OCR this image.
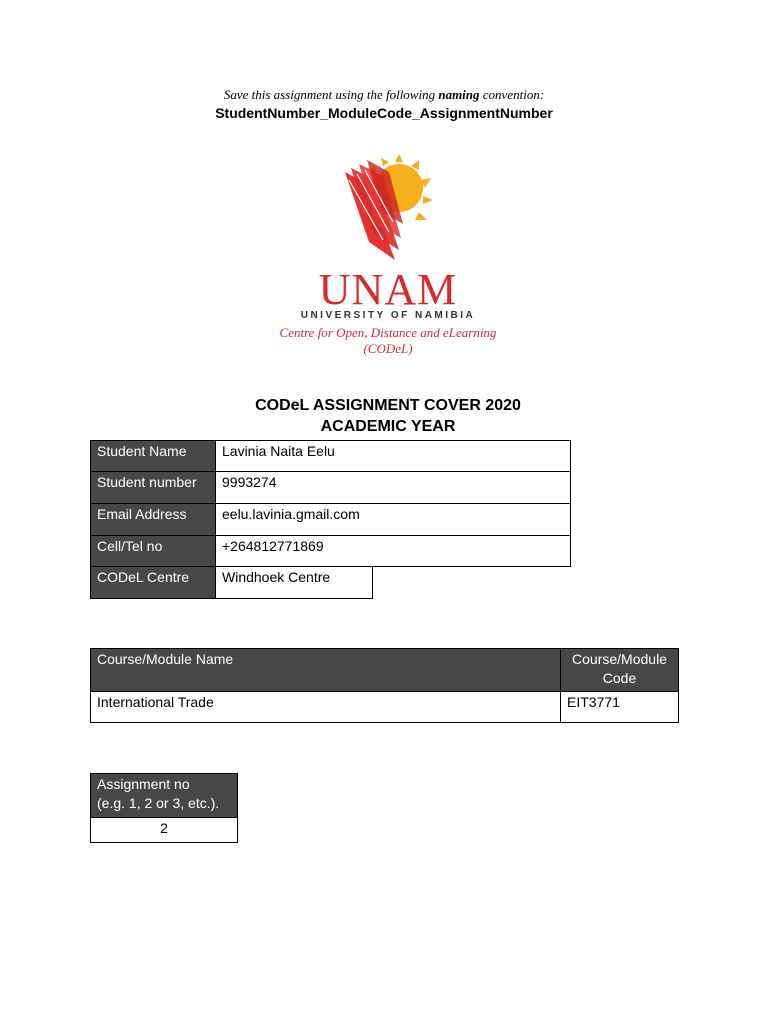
Save this assignment using the following naming convention:
StudentNumber_ModuleCode_AssignmentNumber
UNAM
UNIVERSITY OF NAMIBIA
Centre for Open, Distance and eLearning
(CODeL)
CODeL ASSIGNMENT COVER 2020
ACADEMIC YEAR
Student Name	Lavinia Naita Eelu
Student number	9993274
Email Address	eelu.lavinia.gmail.com
Cell/Tel no	+264812771869
CODeL Centre	Windhoek Centre
Course/Module Name	Course/Module
Code
International Trade	EIT3771
Assignment no
(e.g. 1, 2 or 3, etc.).
2
